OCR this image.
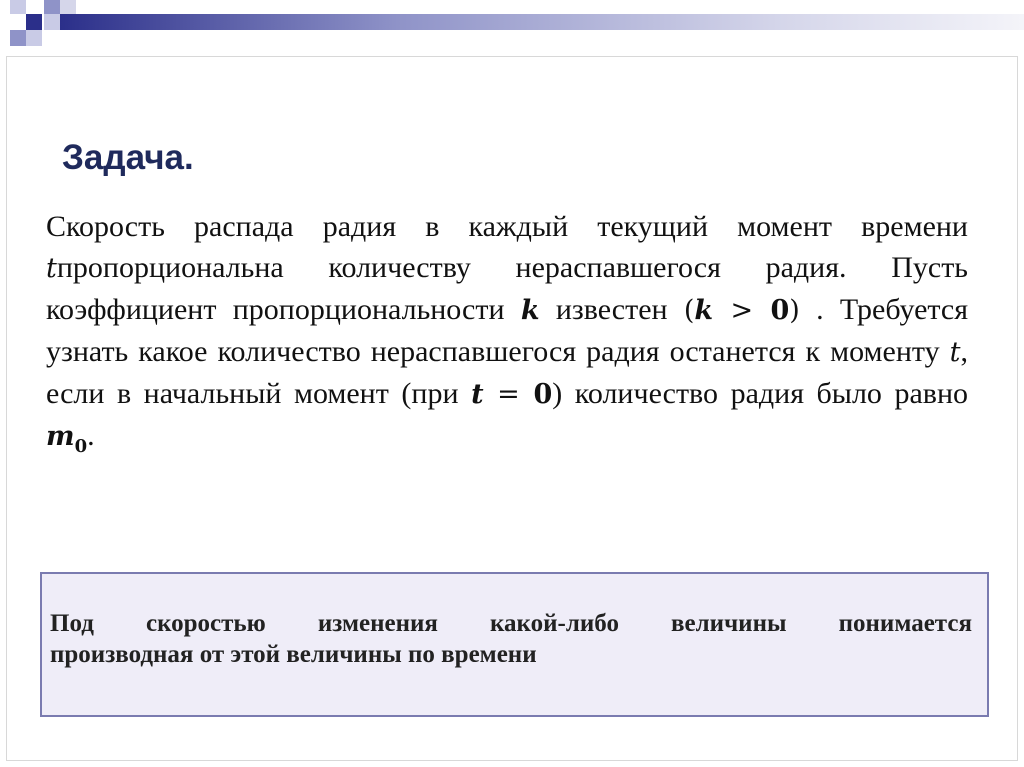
Задача.

Скорость распада радия в каждый текущий момент времени tпропорциональна количеству нераспавшегося радия. Пусть коэффициент пропорциональности k известен (k > 0) . Требуется узнать какое количество нераспавшегося радия останется к моменту t, если в начальный момент (при t = 0) количество радия было равно $m_0$.

Под скоростью изменения какой-либо величины понимается
производная от этой величины по времени
